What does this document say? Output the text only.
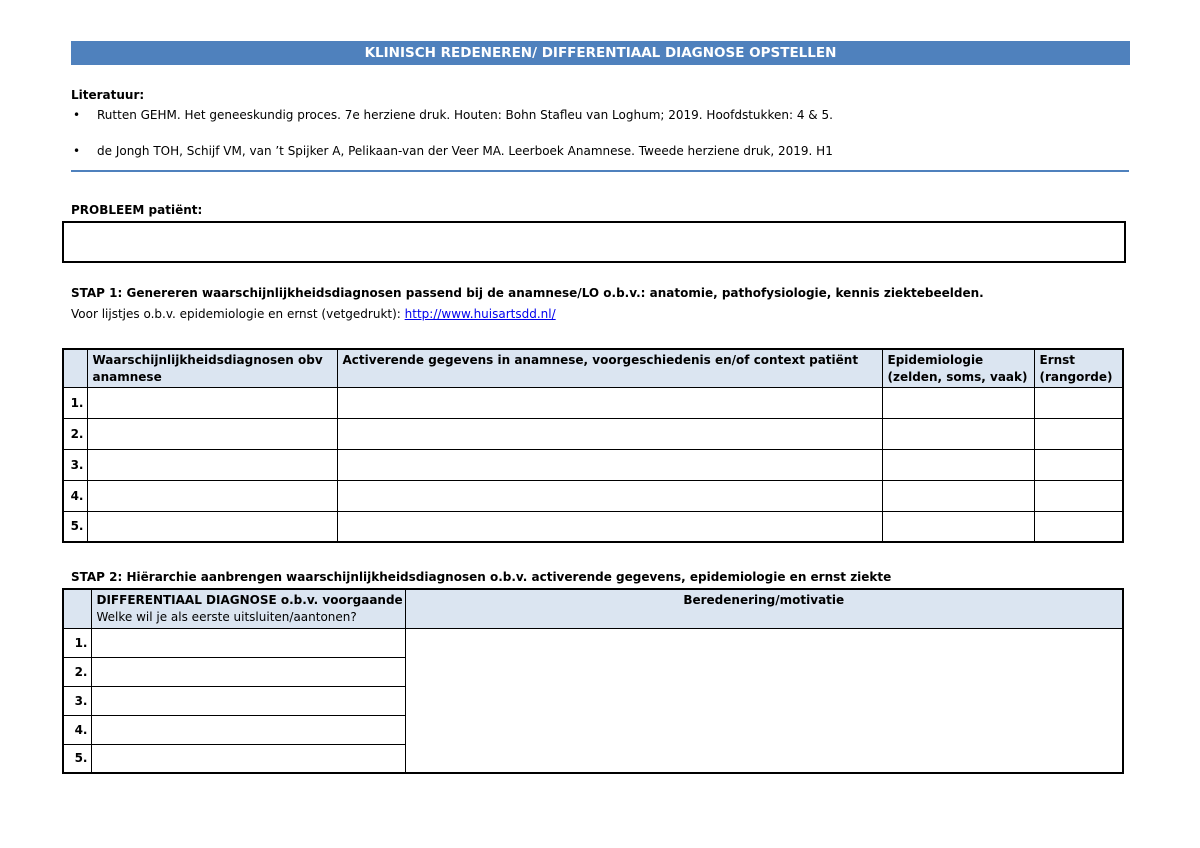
KLINISCH REDENEREN/ DIFFERENTIAAL DIAGNOSE OPSTELLEN
Literatuur:
• Rutten GEHM. Het geneeskundig proces. 7e herziene druk. Houten: Bohn Stafleu van Loghum; 2019. Hoofdstukken: 4 & 5.
• de Jongh TOH, Schijf VM, van ’t Spijker A, Pelikaan-van der Veer MA. Leerboek Anamnese. Tweede herziene druk, 2019. H1
PROBLEEM patiënt:
STAP 1: Genereren waarschijnlijkheidsdiagnosen passend bij de anamnese/LO o.b.v.: anatomie, pathofysiologie, kennis ziektebeelden.
Voor lijstjes o.b.v. epidemiologie en ernst (vetgedrukt): http://www.huisartsdd.nl/
	Waarschijnlijkheidsdiagnosen obv anamnese	Activerende gegevens in anamnese, voorgeschiedenis en/of context patiënt	Epidemiologie (zelden, soms, vaak)	Ernst (rangorde)
1.				
2.				
3.				
4.				
5.				
STAP 2: Hiërarchie aanbrengen waarschijnlijkheidsdiagnosen o.b.v. activerende gegevens, epidemiologie en ernst ziekte

	DIFFERENTIAAL DIAGNOSE o.b.v. voorgaande
Welke wil je als eerste uitsluiten/aantonen?	Beredenering/motivatie
1.		
2.		
3.		
4.		
5.		
